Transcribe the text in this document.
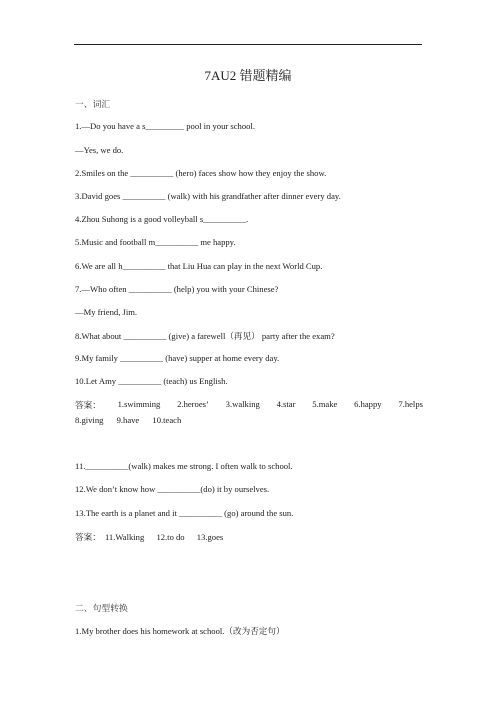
7AU2 错题精编
一、词汇
1.—Do you have a s_________ pool in your school.
—Yes, we do.
2.Smiles on the __________ (hero) faces show how they enjoy the show.
3.David goes __________ (walk) with his grandfather after dinner every day.
4.Zhou Suhong is a good volleyball s__________.
5.Music and football m__________ me happy.
6.We are all h__________ that Liu Hua can play in the next World Cup.
7.—Who often __________ (help) you with your Chinese?
—My friend, Jim.
8.What about __________ (give) a farewell（再见） party after the exam?
9.My family __________ (have) supper at home every day.
10.Let Amy __________ (teach) us English.
答案： 1.swimming 2.heroes’ 3.walking 4.star 5.make 6.happy 7.helps
8.giving 9.have 10.teach
11.__________(walk) makes me strong. I often walk to school.
12.We don’t know how __________(do) it by ourselves.
13.The earth is a planet and it __________ (go) around the sun.
答案： 11.Walking 12.to do 13.goes
二、句型转换
1.My brother does his homework at school.（改为否定句）
